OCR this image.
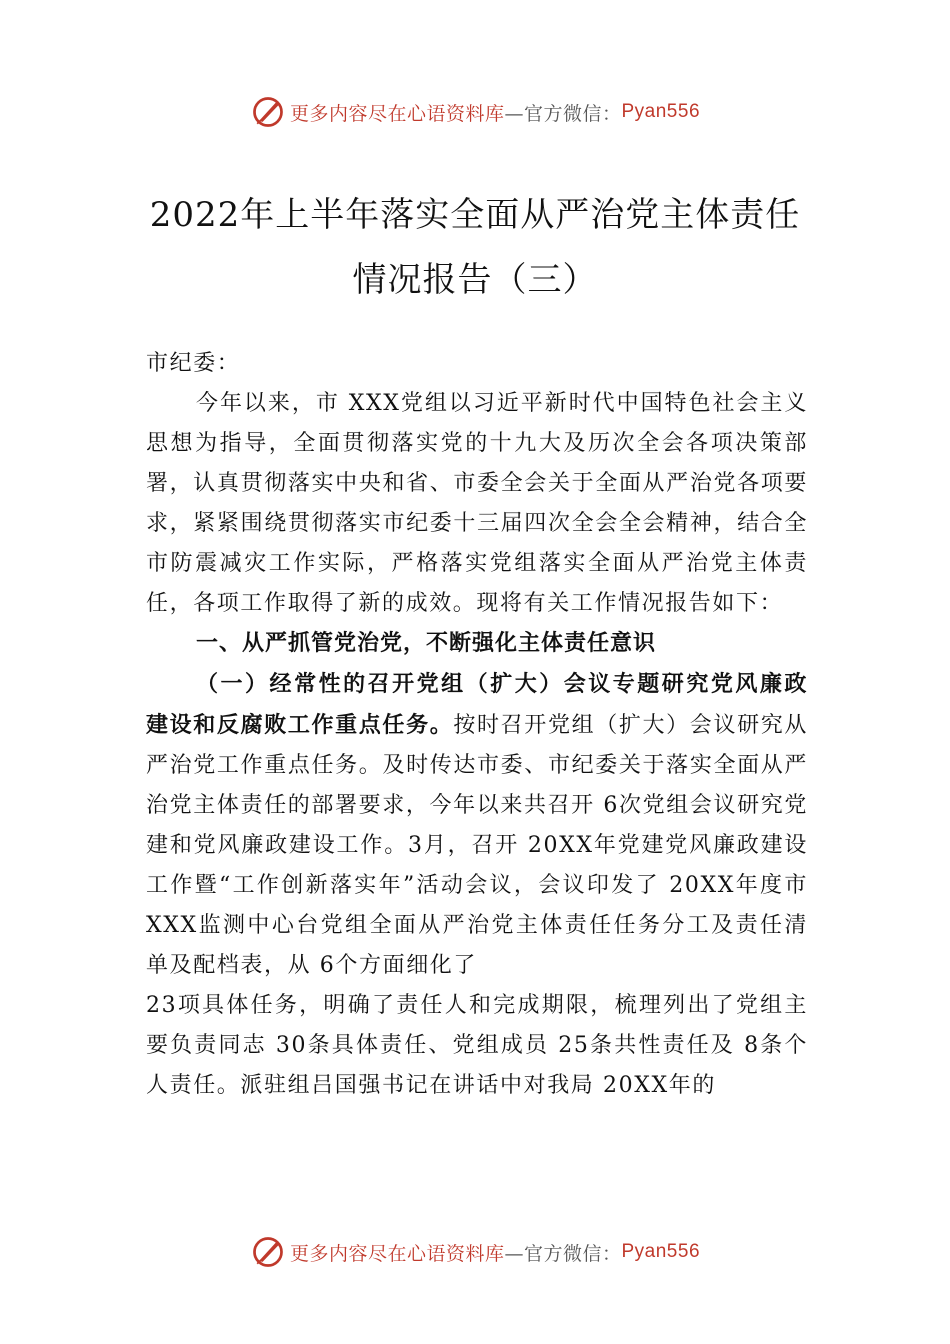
更多内容尽在心语资料库 —官方微信： Pyan556
2022年上半年落实全面从严治党主体责任
情况报告（三）

市纪委：

今年以来，市 XXX党组以习近平新时代中国特色社会主义思想为指导，全面贯彻落实党的十九大及历次全会各项决策部署，认真贯彻落实中央和省、市委全会关于全面从严治党各项要求，紧紧围绕贯彻落实市纪委十三届四次全会全会精神，结合全市防震减灾工作实际，严格落实党组落实全面从严治党主体责任，各项工作取得了新的成效。现将有关工作情况报告如下：

一、从严抓管党治党，不断强化主体责任意识

（一）经常性的召开党组（扩大）会议专题研究党风廉政建设和反腐败工作重点任务。按时召开党组（扩大）会议研究从严治党工作重点任务。及时传达市委、市纪委关于落实全面从严治党主体责任的部署要求，今年以来共召开 6次党组会议研究党建和党风廉政建设工作。3月，召开 20XX年党建党风廉政建设工作暨“工作创新落实年”活动会议，会议印发了 20XX年度市 XXX监测中心台党组全面从严治党主体责任任务分工及责任清单及配档表，从 6个方面细化了

23项具体任务，明确了责任人和完成期限，梳理列出了党组主要负责同志 30条具体责任、党组成员 25条共性责任及 8条个人责任。派驻组吕国强书记在讲话中对我局 20XX年的

更多内容尽在心语资料库 —官方微信： Pyan556
